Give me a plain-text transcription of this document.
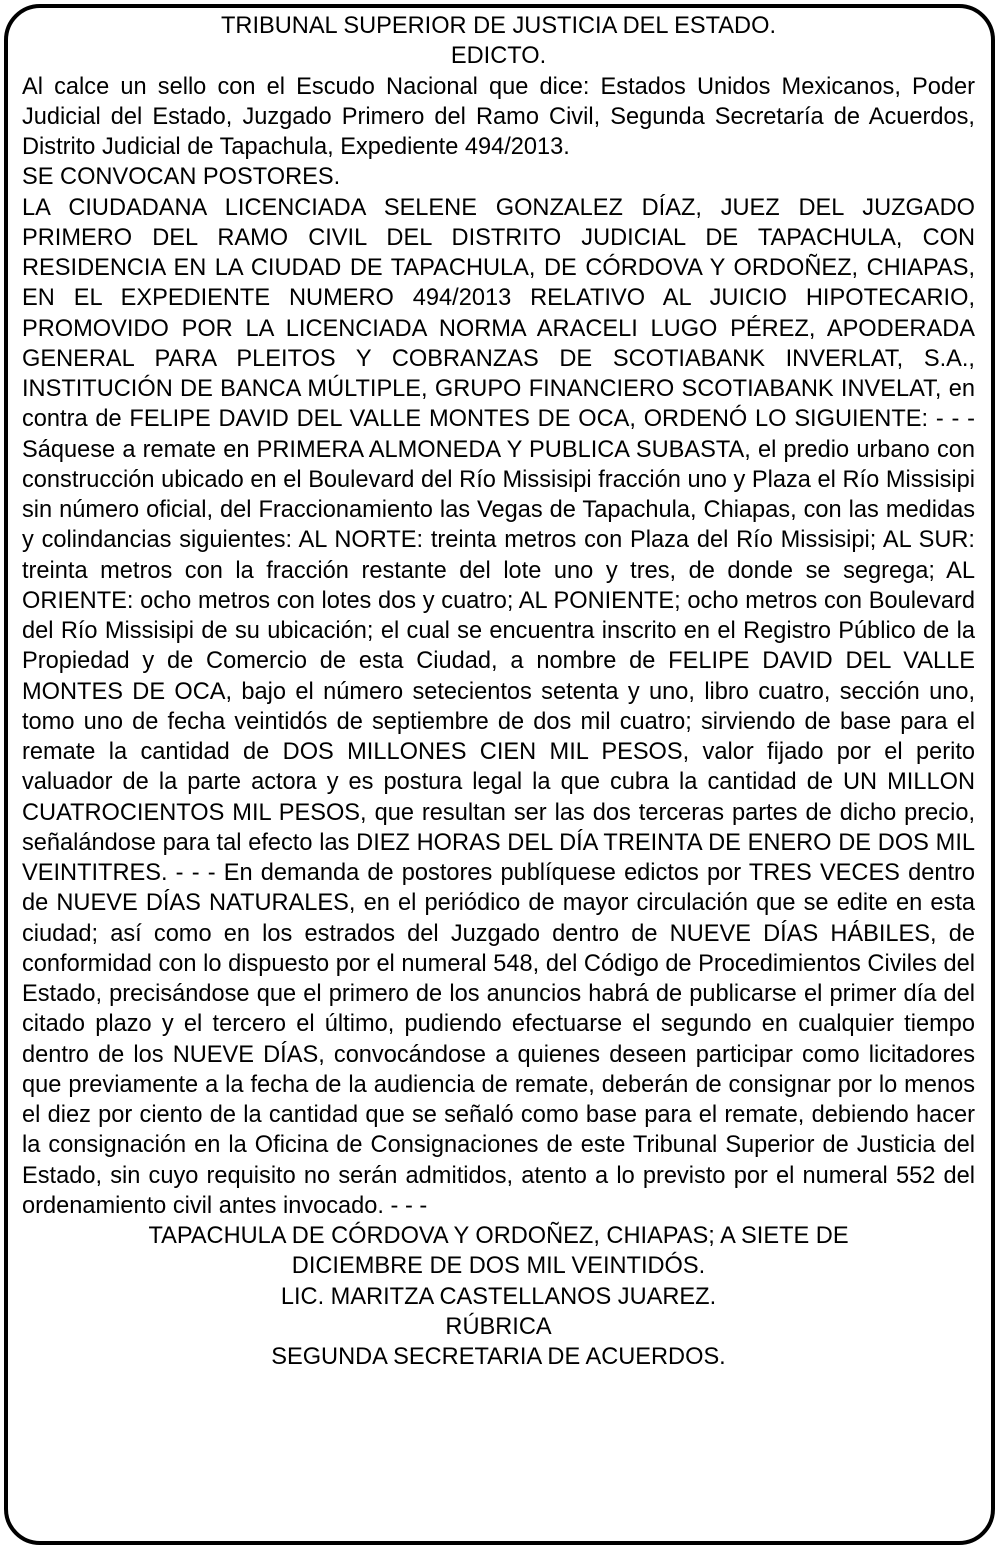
TRIBUNAL SUPERIOR DE JUSTICIA DEL ESTADO.

EDICTO.

Al calce un sello con el Escudo Nacional que dice: Estados Unidos Mexicanos, Poder Judicial del Estado, Juzgado Primero del Ramo Civil, Segunda Secretaría de Acuerdos, Distrito Judicial de Tapachula, Expediente 494/2013.

SE CONVOCAN POSTORES.

LA CIUDADANA LICENCIADA SELENE GONZALEZ DÍAZ, JUEZ DEL JUZGADO PRIMERO DEL RAMO CIVIL DEL DISTRITO JUDICIAL DE TAPACHULA, CON RESIDENCIA EN LA CIUDAD DE TAPACHULA, DE CÓRDOVA Y ORDOÑEZ, CHIAPAS, EN EL EXPEDIENTE NUMERO 494/2013 RELATIVO AL JUICIO HIPOTECARIO, PROMOVIDO POR LA LICENCIADA NORMA ARACELI LUGO PÉREZ, APODERADA GENERAL PARA PLEITOS Y COBRANZAS DE SCOTIABANK INVERLAT, S.A., INSTITUCIÓN DE BANCA MÚLTIPLE, GRUPO FINANCIERO SCOTIABANK INVELAT, en contra de FELIPE DAVID DEL VALLE MONTES DE OCA, ORDENÓ LO SIGUIENTE: - - - Sáquese a remate en PRIMERA ALMONEDA Y PUBLICA SUBASTA, el predio urbano con construcción ubicado en el Boulevard del Río Missisipi fracción uno y Plaza el Río Missisipi sin número oficial, del Fraccionamiento las Vegas de Tapachula, Chiapas, con las medidas y colindancias siguientes: AL NORTE: treinta metros con Plaza del Río Missisipi; AL SUR: treinta metros con la fracción restante del lote uno y tres, de donde se segrega; AL ORIENTE: ocho metros con lotes dos y cuatro; AL PONIENTE; ocho metros con Boulevard del Río Missisipi de su ubicación; el cual se encuentra inscrito en el Registro Público de la Propiedad y de Comercio de esta Ciudad, a nombre de FELIPE DAVID DEL VALLE MONTES DE OCA, bajo el número setecientos setenta y uno, libro cuatro, sección uno, tomo uno de fecha veintidós de septiembre de dos mil cuatro; sirviendo de base para el remate la cantidad de DOS MILLONES CIEN MIL PESOS, valor fijado por el perito valuador de la parte actora y es postura legal la que cubra la cantidad de UN MILLON CUATROCIENTOS MIL PESOS, que resultan ser las dos terceras partes de dicho precio, señalándose para tal efecto las DIEZ HORAS DEL DÍA TREINTA DE ENERO DE DOS MIL VEINTITRES. - - - En demanda de postores publíquese edictos por TRES VECES dentro de NUEVE DÍAS NATURALES, en el periódico de mayor circulación que se edite en esta ciudad; así como en los estrados del Juzgado dentro de NUEVE DÍAS HÁBILES, de conformidad con lo dispuesto por el numeral 548, del Código de Procedimientos Civiles del Estado, precisándose que el primero de los anuncios habrá de publicarse el primer día del citado plazo y el tercero el último, pudiendo efectuarse el segundo en cualquier tiempo dentro de los NUEVE DÍAS, convocándose a quienes deseen participar como licitadores que previamente a la fecha de la audiencia de remate, deberán de consignar por lo menos el diez por ciento de la cantidad que se señaló como base para el remate, debiendo hacer la consignación en la Oficina de Consignaciones de este Tribunal Superior de Justicia del Estado, sin cuyo requisito no serán admitidos, atento a lo previsto por el numeral 552 del ordenamiento civil antes invocado. - - -

TAPACHULA DE CÓRDOVA Y ORDOÑEZ, CHIAPAS; A SIETE DE

DICIEMBRE DE DOS MIL VEINTIDÓS.

LIC. MARITZA CASTELLANOS JUAREZ.

RÚBRICA

SEGUNDA SECRETARIA DE ACUERDOS.
